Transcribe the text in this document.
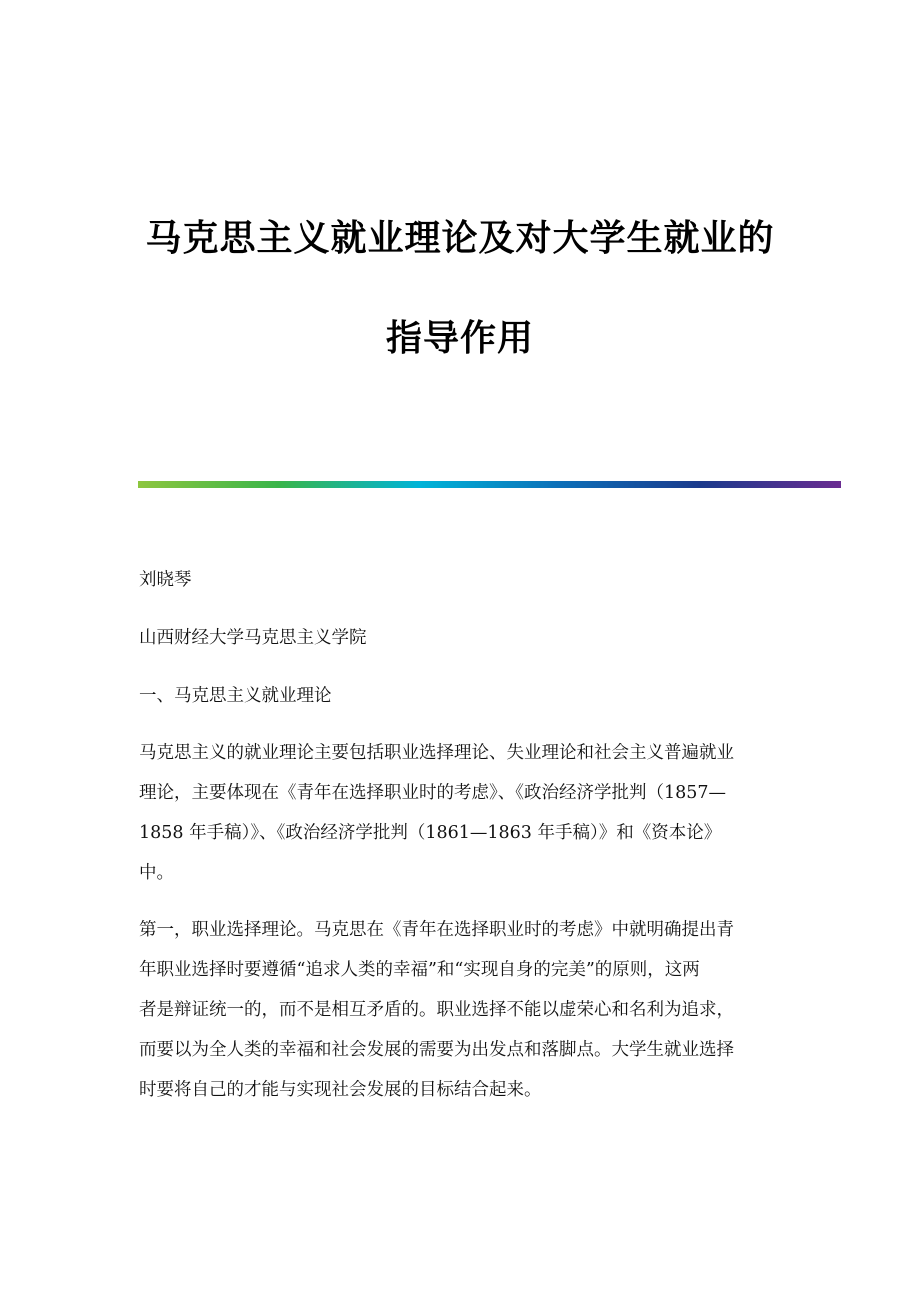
马克思主义就业理论及对大学生就业的

指导作用

刘晓琴

山西财经大学马克思主义学院

一、马克思主义就业理论

马克思主义的就业理论主要包括职业选择理论、失业理论和社会主义普遍就业
理论，主要体现在《青年在选择职业时的考虑》、《政治经济学批判（1857—
1858 年手稿）》、《政治经济学批判（1861—1863 年手稿）》和《资本论》
中。

第一，职业选择理论。马克思在《青年在选择职业时的考虑》中就明确提出青
年职业选择时要遵循“追求人类的幸福”和“实现自身的完美”的原则，这两
者是辩证统一的，而不是相互矛盾的。职业选择不能以虚荣心和名利为追求，
而要以为全人类的幸福和社会发展的需要为出发点和落脚点。大学生就业选择
时要将自己的才能与实现社会发展的目标结合起来。
